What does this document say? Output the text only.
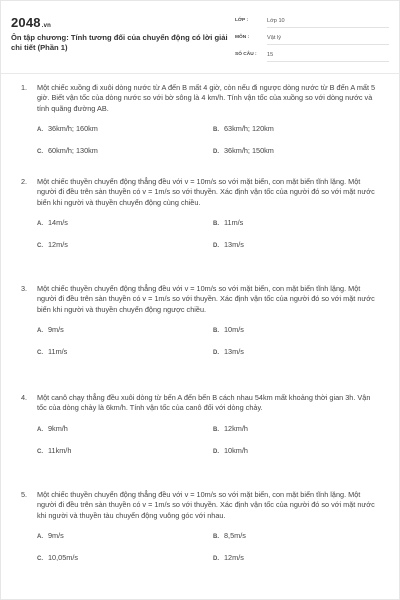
2048.vn
Ôn tập chương: Tính tương đối của chuyển động có lời giải chi tiết (Phần 1)
LỚP :	Lớp 10
MÔN :	Vật lý
SỐ CÂU : 15
1. Một chiếc xuồng đi xuôi dòng nước từ A đến B mất 4 giờ, còn nếu đi ngược dòng nước từ B đến A mất 5 giờ. Biết vận tốc của dòng nước so với bờ sông là 4 km/h. Tính vận tốc của xuồng so với dòng nước và tính quãng đường AB.
A. 36km/h; 160km	B. 63km/h; 120km
C. 60km/h; 130km	D. 36km/h; 150km
2. Một chiếc thuyền chuyển động thẳng đều với v = 10m/s so với mặt biển, con mặt biển tĩnh lặng. Một người đi đều trên sàn thuyền có v = 1m/s so với thuyền. Xác định vận tốc của người đó so với mặt nước biển khi người và thuyền chuyển động cùng chiều.
A. 14m/s	B. 11m/s
C. 12m/s	D. 13m/s
3. Một chiếc thuyền chuyển động thẳng đều với v = 10m/s so với mặt biển, con mặt biển tĩnh lặng. Một người đi đều trên sàn thuyền có v = 1m/s so với thuyền. Xác định vận tốc của người đó so với mặt nước biển khi người và thuyền chuyển động ngược chiều.
A. 9m/s	B. 10m/s
C. 11m/s	D. 13m/s
4. Một canô chạy thẳng đều xuôi dòng từ bến A đến bến B cách nhau 54km mất khoảng thời gian 3h. Vận tốc của dòng chảy là 6km/h. Tính vận tốc của canô đối với dòng chảy.
A. 9km/h	B. 12km/h
C. 11km/h	D. 10km/h
5. Một chiếc thuyền chuyển động thẳng đều với v = 10m/s so với mặt biển, con mặt biển tĩnh lặng. Một người đi đều trên sàn thuyền có v = 1m/s so với thuyền. Xác định vận tốc của người đó so với mặt nước khi người và thuyền tàu chuyển động vuông góc với nhau.
A. 9m/s	B. 8,5m/s
C. 10,05m/s	D. 12m/s
